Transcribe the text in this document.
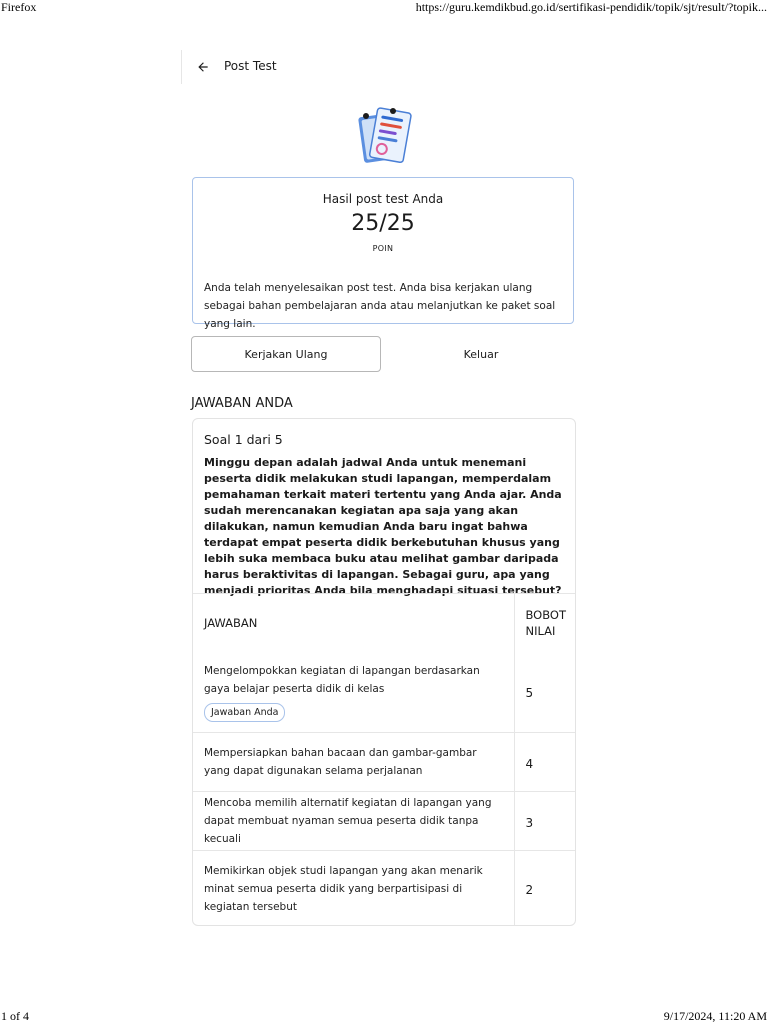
Firefox	https://guru.kemdikbud.go.id/sertifikasi-pendidik/topik/sjt/result/?topik...
Post Test
Hasil post test Anda
25/25
POIN
Anda telah menyelesaikan post test. Anda bisa kerjakan ulang sebagai bahan pembelajaran anda atau melanjutkan ke paket soal yang lain.
Kerjakan Ulang	Keluar
JAWABAN ANDA
Soal 1 dari 5
Minggu depan adalah jadwal Anda untuk menemani peserta didik melakukan studi lapangan, memperdalam pemahaman terkait materi tertentu yang Anda ajar. Anda sudah merencanakan kegiatan apa saja yang akan dilakukan, namun kemudian Anda baru ingat bahwa terdapat empat peserta didik berkebutuhan khusus yang lebih suka membaca buku atau melihat gambar daripada harus beraktivitas di lapangan. Sebagai guru, apa yang menjadi prioritas Anda bila menghadapi situasi tersebut?
JAWABAN	BOBOT NILAI

Mengelompokkan kegiatan di lapangan berdasarkan gaya belajar peserta didik di kelas
Jawaban Anda	5

Mempersiapkan bahan bacaan dan gambar-gambar yang dapat digunakan selama perjalanan	4

Mencoba memilih alternatif kegiatan di lapangan yang dapat membuat nyaman semua peserta didik tanpa kecuali	3

Memikirkan objek studi lapangan yang akan menarik minat semua peserta didik yang berpartisipasi di kegiatan tersebut	2
1 of 4	9/17/2024, 11:20 AM
